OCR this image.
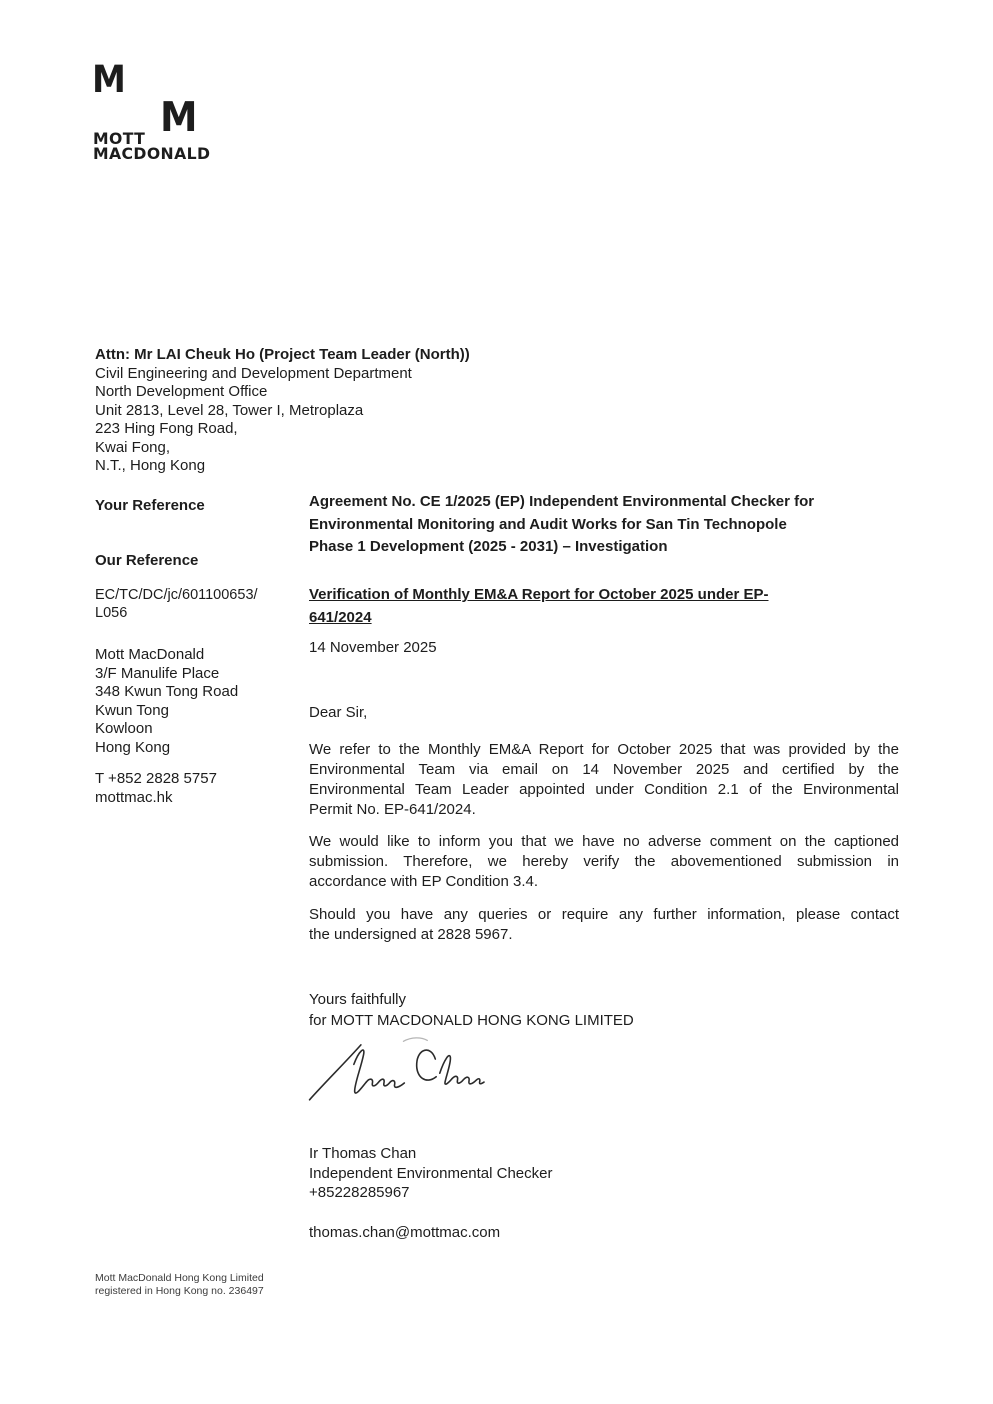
M
M
MOTT
MACDONALD
Attn: Mr LAI Cheuk Ho (Project Team Leader (North))
Civil Engineering and Development Department
North Development Office
Unit 2813, Level 28, Tower I, Metroplaza
223 Hing Fong Road,
Kwai Fong,
N.T., Hong Kong
Your Reference
Our Reference
EC/TC/DC/jc/601100653/
L056
Mott MacDonald
3/F Manulife Place
348 Kwun Tong Road
Kwun Tong
Kowloon
Hong Kong
T +852 2828 5757
mottmac.hk
Agreement No. CE 1/2025 (EP) Independent Environmental Checker for
Environmental Monitoring and Audit Works for San Tin Technopole
Phase 1 Development (2025 - 2031) – Investigation
Verification of Monthly EM&A Report for October 2025 under EP-
641/2024
14 November 2025
Dear Sir,
We refer to the Monthly EM&A Report for October 2025 that was provided by the
Environmental Team via email on 14 November 2025 and certified by the
Environmental Team Leader appointed under Condition 2.1 of the Environmental
Permit No. EP-641/2024.
We would like to inform you that we have no adverse comment on the captioned
submission. Therefore, we hereby verify the abovementioned submission in
accordance with EP Condition 3.4.
Should you have any queries or require any further information, please contact
the undersigned at 2828 5967.
Yours faithfully
for MOTT MACDONALD HONG KONG LIMITED
Ir Thomas Chan
Independent Environmental Checker
+85228285967
thomas.chan@mottmac.com
Mott MacDonald Hong Kong Limited
registered in Hong Kong no. 236497
